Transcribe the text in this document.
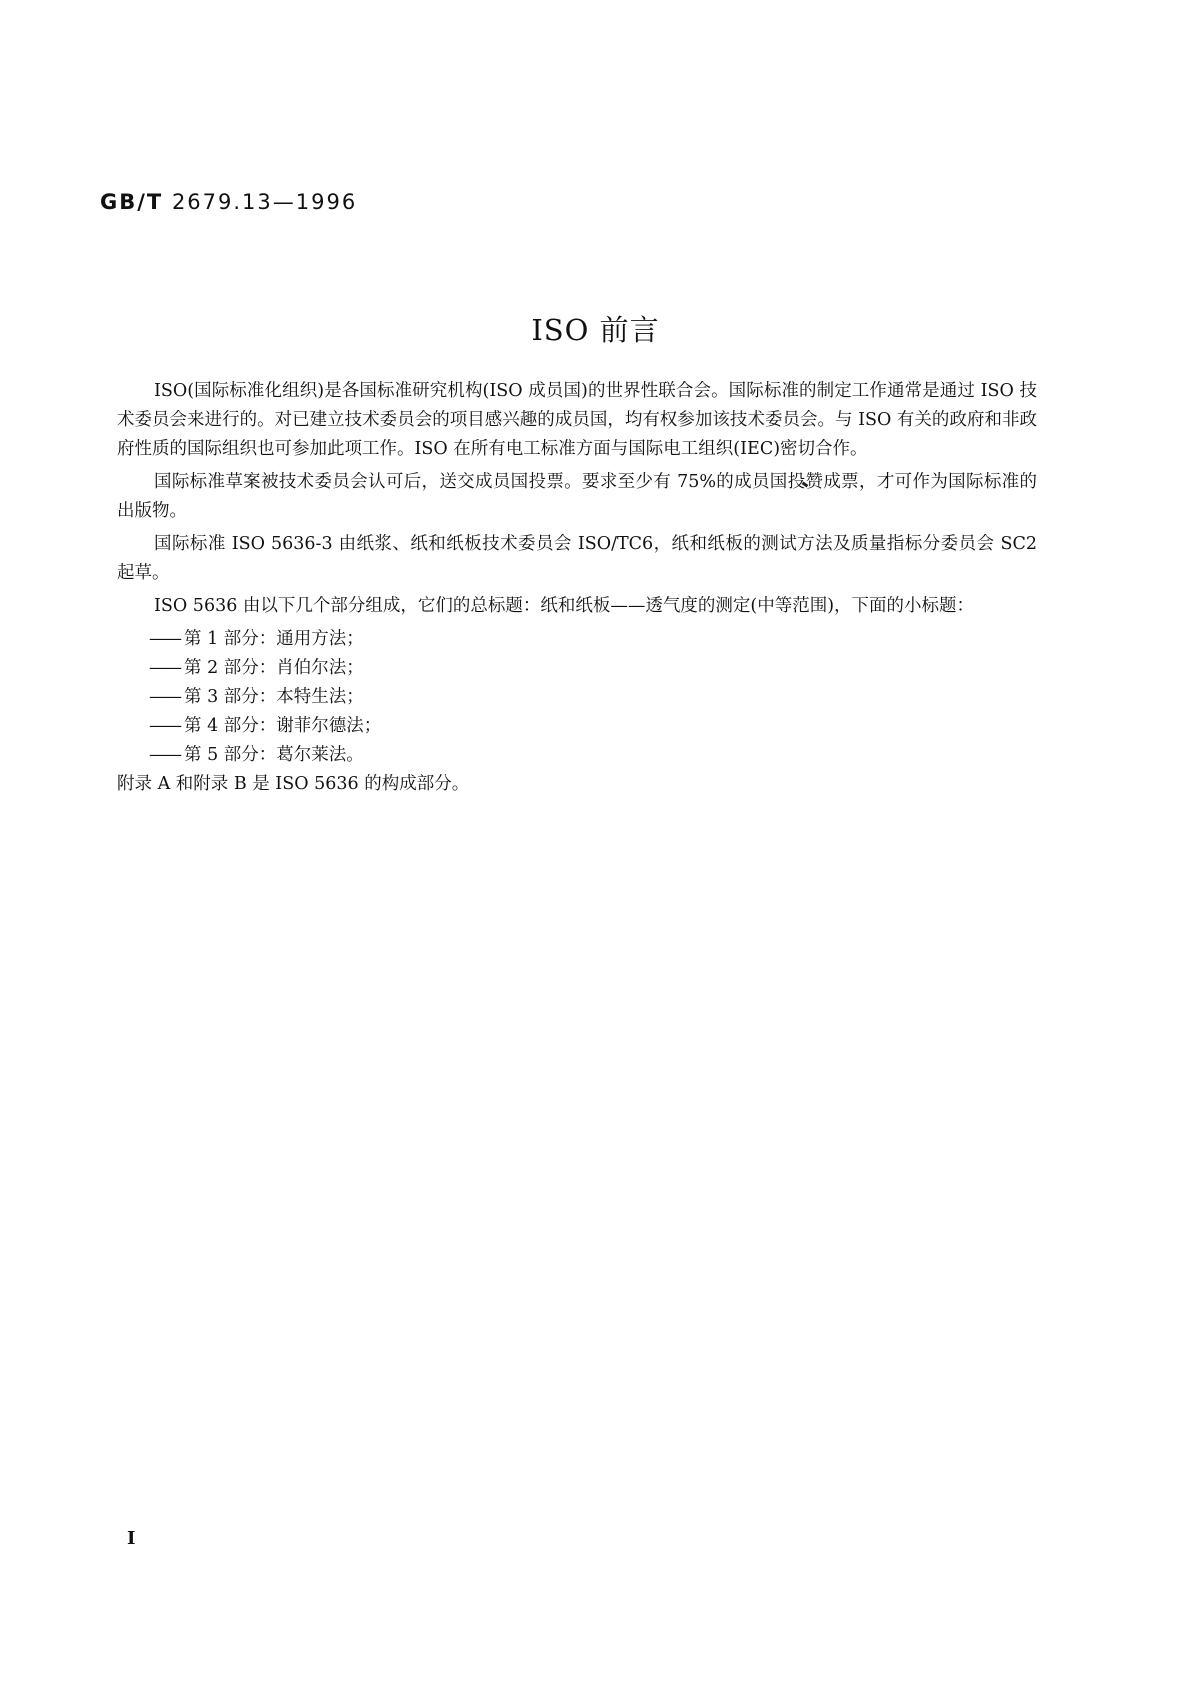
GB/T 2679.13—1996
ISO 前言

ISO(国际标准化组织)是各国标准研究机构(ISO 成员国)的世界性联合会。国际标准的制定工作通常是通过 ISO 技术委员会来进行的。对已建立技术委员会的项目感兴趣的成员国，均有权参加该技术委员会。与 ISO 有关的政府和非政府性质的国际组织也可参加此项工作。ISO 在所有电工标准方面与国际电工组织(IEC)密切合作。

国际标准草案被技术委员会认可后，送交成员国投票。要求至少有 75%的成员国投赞成票，才可作为国际标准的出版物。

国际标准 ISO 5636-3 由纸浆、纸和纸板技术委员会 ISO/TC6，纸和纸板的测试方法及质量指标分委员会 SC2 起草。

ISO 5636 由以下几个部分组成，它们的总标题：纸和纸板——透气度的测定(中等范围)，下面的小标题：

—— 第 1 部分：通用方法；
—— 第 2 部分：肖伯尔法；
—— 第 3 部分：本特生法；
—— 第 4 部分：谢菲尔德法；
—— 第 5 部分：葛尔莱法。

附录 A 和附录 B 是 ISO 5636 的构成部分。

I
